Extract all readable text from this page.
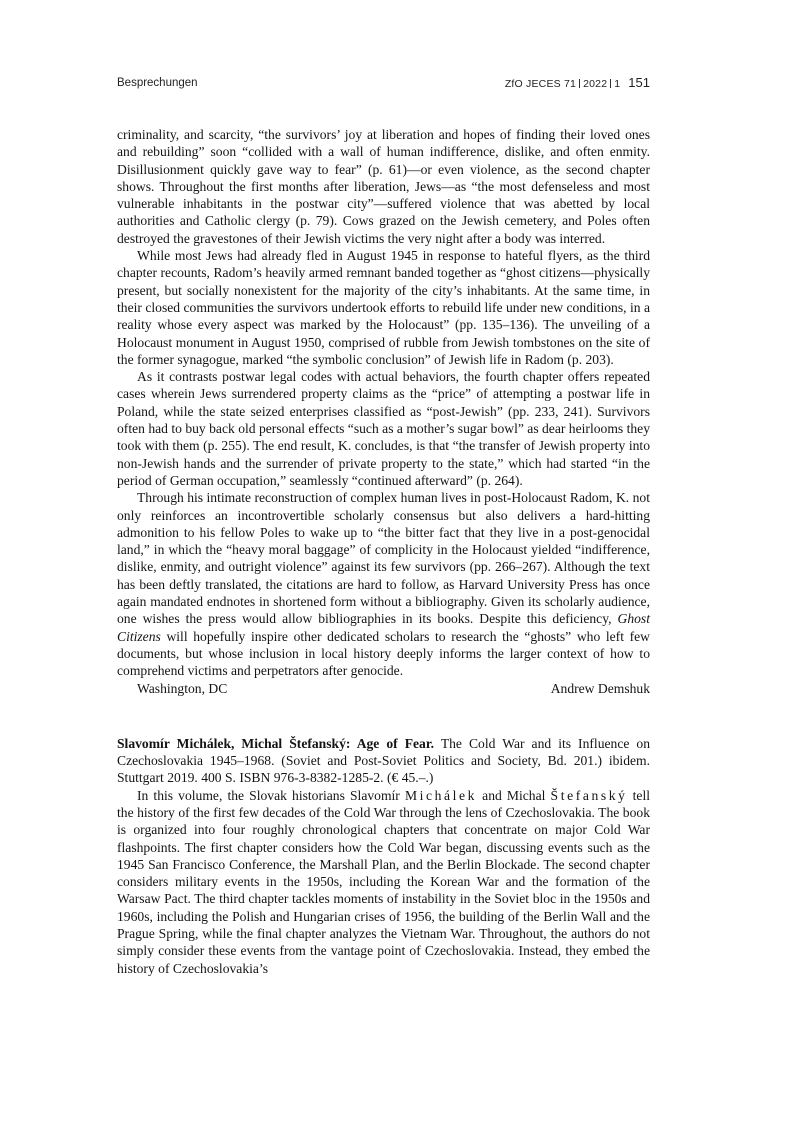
Besprechungen	ZfO JECES 71 2022 1 151

criminality, and scarcity, “the survivors’ joy at liberation and hopes of finding their loved ones and rebuilding” soon “collided with a wall of human indifference, dislike, and often enmity. Disillusionment quickly gave way to fear” (p. 61)—or even violence, as the second chapter shows. Throughout the first months after liberation, Jews—as “the most defenseless and most vulnerable inhabitants in the postwar city”—suffered violence that was abetted by local authorities and Catholic clergy (p. 79). Cows grazed on the Jewish cemetery, and Poles often destroyed the gravestones of their Jewish victims the very night after a body was interred.

While most Jews had already fled in August 1945 in response to hateful flyers, as the third chapter recounts, Radom’s heavily armed remnant banded together as “ghost citizens—physically present, but socially nonexistent for the majority of the city’s inhabitants. At the same time, in their closed communities the survivors undertook efforts to rebuild life under new conditions, in a reality whose every aspect was marked by the Holocaust” (pp. 135–136). The unveiling of a Holocaust monument in August 1950, comprised of rubble from Jewish tombstones on the site of the former synagogue, marked “the symbolic conclusion” of Jewish life in Radom (p. 203).

As it contrasts postwar legal codes with actual behaviors, the fourth chapter offers repeated cases wherein Jews surrendered property claims as the “price” of attempting a postwar life in Poland, while the state seized enterprises classified as “post-Jewish” (pp. 233, 241). Survivors often had to buy back old personal effects “such as a mother’s sugar bowl” as dear heirlooms they took with them (p. 255). The end result, K. concludes, is that “the transfer of Jewish property into non-Jewish hands and the surrender of private property to the state,” which had started “in the period of German occupation,” seamlessly “continued afterward” (p. 264).

Through his intimate reconstruction of complex human lives in post-Holocaust Radom, K. not only reinforces an incontrovertible scholarly consensus but also delivers a hard-hitting admonition to his fellow Poles to wake up to “the bitter fact that they live in a post-genocidal land,” in which the “heavy moral baggage” of complicity in the Holocaust yielded “indifference, dislike, enmity, and outright violence” against its few survivors (pp. 266–267). Although the text has been deftly translated, the citations are hard to follow, as Harvard University Press has once again mandated endnotes in shortened form without a bibliography. Given its scholarly audience, one wishes the press would allow bibliographies in its books. Despite this deficiency, Ghost Citizens will hopefully inspire other dedicated scholars to research the “ghosts” who left few documents, but whose inclusion in local history deeply informs the larger context of how to comprehend victims and perpetrators after genocide.

Washington, DC	Andrew Demshuk

Slavomír Michálek, Michal Štefanský: Age of Fear. The Cold War and its Influence on Czechoslovakia 1945–1968. (Soviet and Post-Soviet Politics and Society, Bd. 201.) ibidem. Stuttgart 2019. 400 S. ISBN 976-3-8382-1285-2. (€ 45.–.)

In this volume, the Slovak historians Slavomír Michálek and Michal Štefanský tell the history of the first few decades of the Cold War through the lens of Czechoslovakia. The book is organized into four roughly chronological chapters that concentrate on major Cold War flashpoints. The first chapter considers how the Cold War began, discussing events such as the 1945 San Francisco Conference, the Marshall Plan, and the Berlin Blockade. The second chapter considers military events in the 1950s, including the Korean War and the formation of the Warsaw Pact. The third chapter tackles moments of instability in the Soviet bloc in the 1950s and 1960s, including the Polish and Hungarian crises of 1956, the building of the Berlin Wall and the Prague Spring, while the final chapter analyzes the Vietnam War. Throughout, the authors do not simply consider these events from the vantage point of Czechoslovakia. Instead, they embed the history of Czechoslovakia’s
